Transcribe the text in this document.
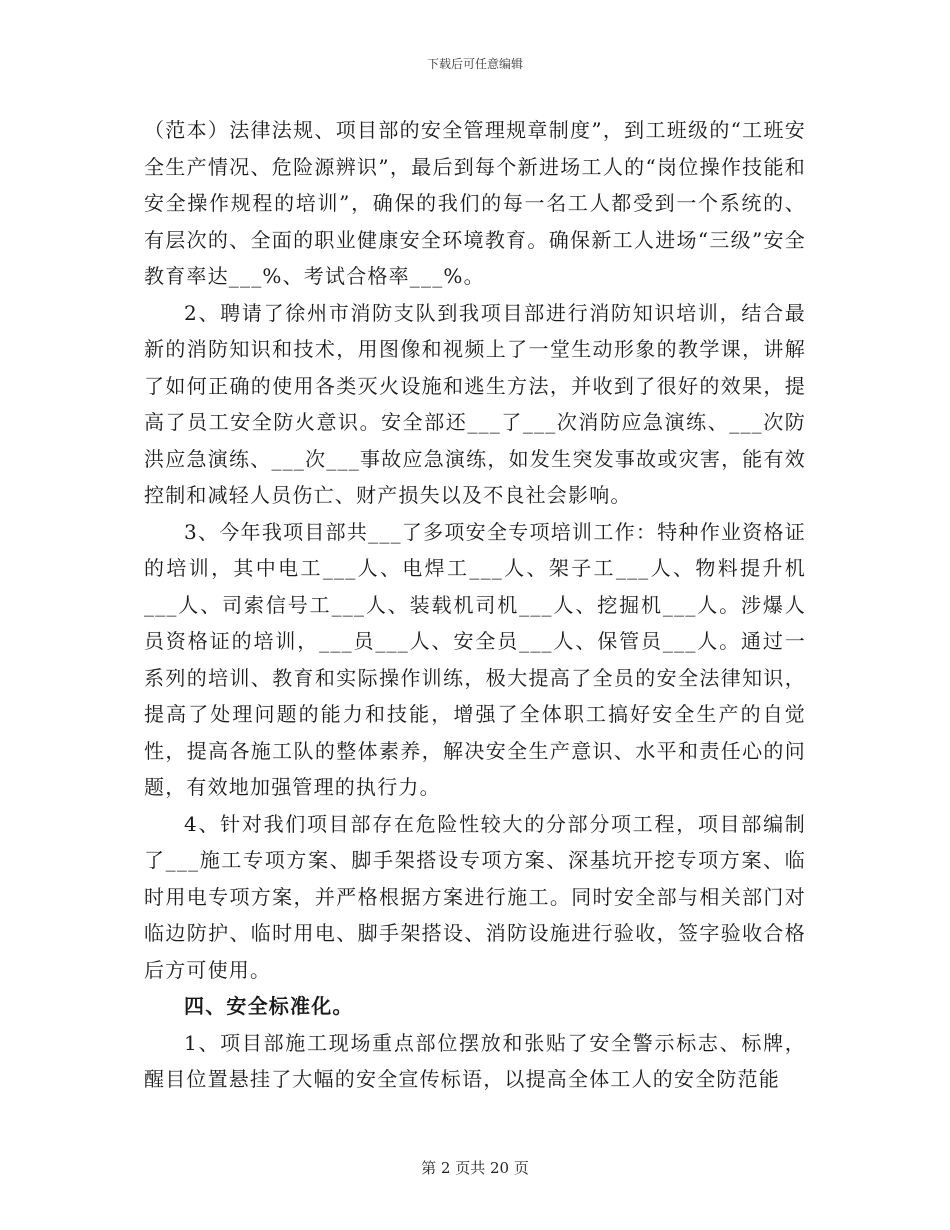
下载后可任意编辑

（范本）法律法规、项目部的安全管理规章制度”，到工班级的“工班安全生产情况、危险源辨识”，最后到每个新进场工人的“岗位操作技能和安全操作规程的培训”，确保的我们的每一名工人都受到一个系统的、有层次的、全面的职业健康安全环境教育。确保新工人进场“三级”安全教育率达___%、考试合格率___%。

2、聘请了徐州市消防支队到我项目部进行消防知识培训，结合最新的消防知识和技术，用图像和视频上了一堂生动形象的教学课，讲解了如何正确的使用各类灭火设施和逃生方法，并收到了很好的效果，提高了员工安全防火意识。安全部还___了___次消防应急演练、___次防洪应急演练、___次___事故应急演练，如发生突发事故或灾害，能有效控制和减轻人员伤亡、财产损失以及不良社会影响。

3、今年我项目部共___了多项安全专项培训工作：特种作业资格证的培训，其中电工___人、电焊工___人、架子工___人、物料提升机___人、司索信号工___人、装载机司机___人、挖掘机___人。涉爆人员资格证的培训，___员___人、安全员___人、保管员___人。通过一系列的培训、教育和实际操作训练，极大提高了全员的安全法律知识，提高了处理问题的能力和技能，增强了全体职工搞好安全生产的自觉性，提高各施工队的整体素养，解决安全生产意识、水平和责任心的问题，有效地加强管理的执行力。

4、针对我们项目部存在危险性较大的分部分项工程，项目部编制了___施工专项方案、脚手架搭设专项方案、深基坑开挖专项方案、临时用电专项方案，并严格根据方案进行施工。同时安全部与相关部门对临边防护、临时用电、脚手架搭设、消防设施进行验收，签字验收合格后方可使用。

四、安全标准化。

1、项目部施工现场重点部位摆放和张贴了安全警示标志、标牌，醒目位置悬挂了大幅的安全宣传标语，以提高全体工人的安全防范能

第 2 页共 20 页
